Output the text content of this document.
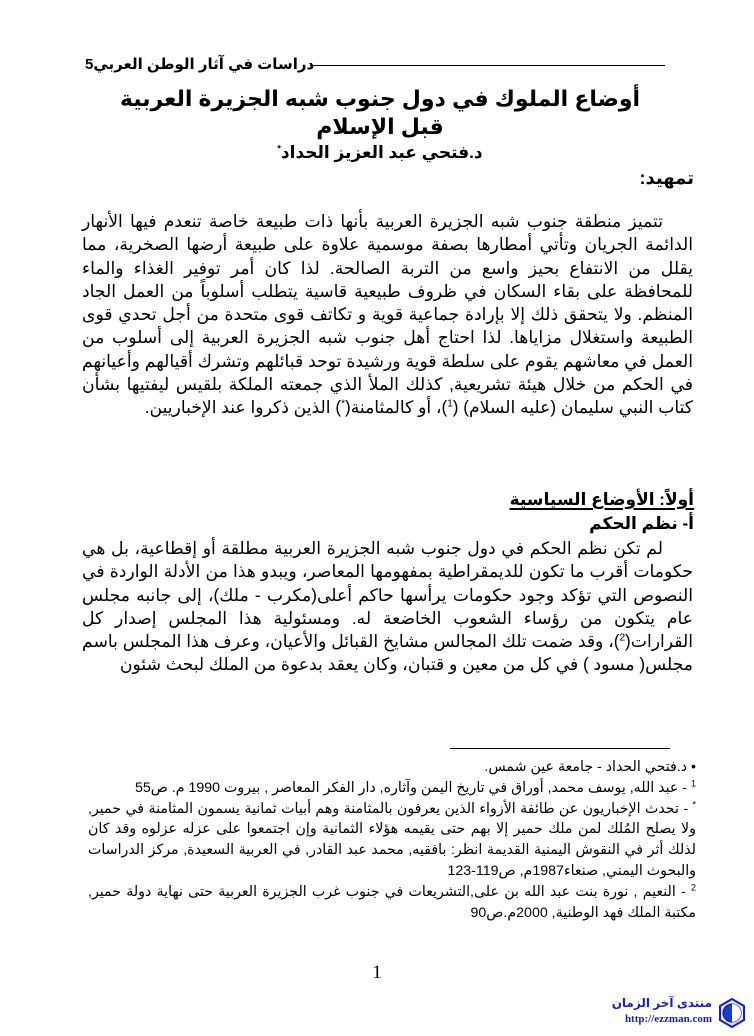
دراسات في آثار الوطن العربي5
أوضاع الملوك في دول جنوب شبه الجزيرة العربية
قبل الإسلام
د.فتحي عبد العزيز الحداد*
تمهيد:
تتميز منطقة جنوب شبه الجزيرة العربية بأنها ذات طبيعة خاصة تنعدم فيها الأنهار الدائمة الجريان وتأتي أمطارها بصفة موسمية علاوة على طبيعة أرضها الصخرية، مما يقلل من الانتفاع بحيز واسع من التربة الصالحة. لذا كان أمر توفير الغذاء والماء للمحافظة على بقاء السكان في ظروف طبيعية قاسية يتطلب أسلوباً من العمل الجاد المنظم. ولا يتحقق ذلك إلا بإرادة جماعية قوية و تكاتف قوى متحدة من أجل تحدي قوى الطبيعة واستغلال مزاياها. لذا احتاج أهل جنوب شبه الجزيرة العربية إلى أسلوب من العمل في معاشهم يقوم على سلطة قوية ورشيدة توحد قبائلهم وتشرك أقيالهم وأعيانهم في الحكم من خلال هيئة تشريعية, كذلك الملأ الذي جمعته الملكة بلقيس ليفتيها بشأن كتاب النبي سليمان (عليه السلام) ($^1$)، أو كالمثامنة(*) الذين ذكروا عند الإخباريين.
أولاً: الأوضاع السياسية
أ- نظم الحكم
لم تكن نظم الحكم في دول جنوب شبه الجزيرة العربية مطلقة أو إقطاعية، بل هي حكومات أقرب ما تكون للديمقراطية بمفهومها المعاصر، ويبدو هذا من الأدلة الواردة في النصوص التي تؤكد وجود حكومات يرأسها حاكم أعلى(مكرب - ملك)، إلى جانبه مجلس عام يتكون من رؤساء الشعوب الخاضعة له. ومسئولية هذا المجلس إصدار كل القرارات($^2$)، وقد ضمت تلك المجالس مشايخ القبائل والأعيان، وعرف هذا المجلس باسم مجلس( مسود ) في كل من معين و قتبان، وكان يعقد بدعوة من الملك لبحث شئون

• د.فتحي الحداد - جامعة عين شمس.

$^1$ - عبد الله, يوسف محمد, أوراق في تاريخ اليمن وآثاره, دار الفكر المعاصر , بيروت 1990 م. ص55

* - تحدث الإخباريون عن طائفة الأزواء الذين يعرفون بالمثامنة وهم أبيات ثمانية يسمون المثامنة في حمير, ولا يصلح المُلك لمن ملك حمير إلا بهم حتى يقيمه هؤلاء الثمانية وإن اجتمعوا على عزله عزلوه وقد كان لذلك أثر في النقوش اليمنية القديمة انظر: بافقيه, محمد عبد القادر, في العربية السعيدة, مركز الدراسات والبحوث اليمني, صنعاء1987م, ص119-123

$^2$ - النعيم , نورة بنت عبد الله بن على,التشريعات في جنوب غرب الجزيرة العربية حتى نهاية دولة حمير, مكتبة الملك فهد الوطنية, 2000م.ص90

1
منتدى آخر الزمان
http://ezzman.com
